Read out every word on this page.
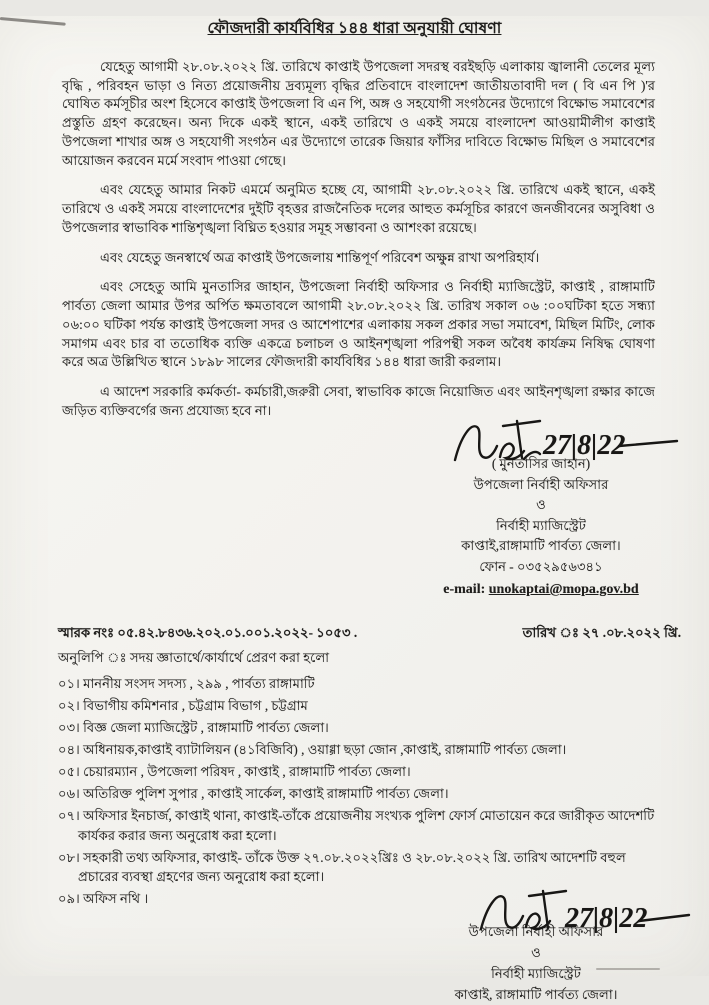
ফৌজদারী কার্যবিধির ১৪৪ ধারা অনুযায়ী ঘোষণা

যেহেতু আগামী ২৮.০৮.২০২২ খ্রি. তারিখে কাপ্তাই উপজেলা সদরস্থ বরইছড়ি এলাকায় জ্বালানী তেলের মূল্য বৃদ্ধি , পরিবহন ভাড়া ও নিত্য প্রয়োজনীয় দ্রব্যমূল্য বৃদ্ধির প্রতিবাদে বাংলাদেশ জাতীয়তাবাদী দল ( বি এন পি )'র ঘোষিত কর্মসূচীর অংশ হিসেবে কাপ্তাই উপজেলা বি এন পি, অঙ্গ ও সহযোগী সংগঠনের উদ্যোগে বিক্ষোভ সমাবেশের প্রস্তুতি গ্রহণ করেছেন। অন্য দিকে একই স্থানে, একই তারিখে ও একই সময়ে বাংলাদেশ আওয়ামীলীগ কাপ্তাই উপজেলা শাখার অঙ্গ ও সহযোগী সংগঠন এর উদ্যোগে তারেক জিয়ার ফাঁসির দাবিতে বিক্ষোভ মিছিল ও সমাবেশের আয়োজন করবেন মর্মে সংবাদ পাওয়া গেছে।

এবং যেহেতু আমার নিকট এমর্মে অনুমিত হচ্ছে যে, আগামী ২৮.০৮.২০২২ খ্রি. তারিখে একই স্থানে, একই তারিখে ও একই সময়ে বাংলাদেশের দুইটি বৃহত্তর রাজনৈতিক দলের আহুত কর্মসূচির কারণে জনজীবনের অসুবিধা ও উপজেলার স্বাভাবিক শান্তিশৃঙ্খলা বিঘ্নিত হওয়ার সমূহ সম্ভাবনা ও আশংকা রয়েছে।

এবং যেহেতু জনস্বার্থে অত্র কাপ্তাই উপজেলায় শান্তিপূর্ণ পরিবেশ অক্ষুন্ন রাখা অপরিহার্য।

এবং সেহেতু আমি মুনতাসির জাহান, উপজেলা নির্বাহী অফিসার ও নির্বাহী ম্যাজিস্ট্রেট, কাপ্তাই , রাঙ্গামাটি পার্বত্য জেলা আমার উপর অর্পিত ক্ষমতাবলে আগামী ২৮.০৮.২০২২ খ্রি. তারিখ সকাল ০৬ :০০ঘটিকা হতে সন্ধ্যা ০৬:০০ ঘটিকা পর্যন্ত কাপ্তাই উপজেলা সদর ও আশেপাশের এলাকায় সকল প্রকার সভা সমাবেশ, মিছিল মিটিং, লোক সমাগম এবং চার বা ততোধিক ব্যক্তি একত্রে চলাচল ও আইনশৃঙ্খলা পরিপন্থী সকল অবৈধ কার্যক্রম নিষিদ্ধ ঘোষণা করে অত্র উল্লিখিত স্থানে ১৮৯৮ সালের ফৌজদারী কার্যবিধির ১৪৪ ধারা জারী করলাম।

এ আদেশ সরকারি কর্মকর্তা- কর্মচারী,জরুরী সেবা, স্বাভাবিক কাজে নিয়োজিত এবং আইনশৃঙ্খলা রক্ষার কাজে জড়িত ব্যক্তিবর্গের জন্য প্রযোজ্য হবে না।

27|8|22
( মুনতাসির জাহান)
উপজেলা নির্বাহী অফিসার
ও
নির্বাহী ম্যাজিস্ট্রেট
কাপ্তাই,রাঙ্গামাটি পার্বত্য জেলা।
ফোন - ০৩৫২৯৫৬৩৪১
e-mail: unokaptai@mopa.gov.bd
স্মারক নংঃ ০৫.৪২.৮৪৩৬.২০২.০১.০০১.২০২২- ১০৫৩ .	তারিখ ঃ ২৭ .০৮.২০২২ খ্রি.
অনুলিপি ঃ সদয় জ্ঞাতার্থে/কার্যার্থে প্রেরণ করা হলো
০১। মাননীয় সংসদ সদস্য , ২৯৯ , পার্বত্য রাঙ্গামাটি
০২। বিভাগীয় কমিশনার , চট্টগ্রাম বিভাগ , চট্টগ্রাম
০৩। বিজ্ঞ জেলা ম্যাজিস্ট্রেট , রাঙ্গামাটি পার্বত্য জেলা।
০৪। অধিনায়ক,কাপ্তাই ব্যাটালিয়ন (৪১বিজিবি) , ওয়াগ্গা ছড়া জোন ,কাপ্তাই, রাঙ্গামাটি পার্বত্য জেলা।
০৫। চেয়ারম্যান , উপজেলা পরিষদ , কাপ্তাই , রাঙ্গামাটি পার্বত্য জেলা।
০৬। অতিরিক্ত পুলিশ সুপার , কাপ্তাই সার্কেল, কাপ্তাই রাঙ্গামাটি পার্বত্য জেলা।
০৭। অফিসার ইনচার্জ, কাপ্তাই থানা, কাপ্তাই-তাঁকে প্রয়োজনীয় সংখ্যক পুলিশ ফোর্স মোতায়েন করে জারীকৃত আদেশটি কার্যকর করার জন্য অনুরোধ করা হলো।
০৮। সহকারী তথ্য অফিসার, কাপ্তাই- তাঁকে উক্ত ২৭.০৮.২০২২খ্রিঃ ও ২৮.০৮.২০২২ খ্রি. তারিখ আদেশটি বহুল প্রচারের ব্যবস্থা গ্রহণের জন্য অনুরোধ করা হলো।
০৯। অফিস নথি ।
27|8|22
উপজেলা নির্বাহী অফিসার
ও
নির্বাহী ম্যাজিস্ট্রেট
কাপ্তাই, রাঙ্গামাটি পার্বত্য জেলা।
